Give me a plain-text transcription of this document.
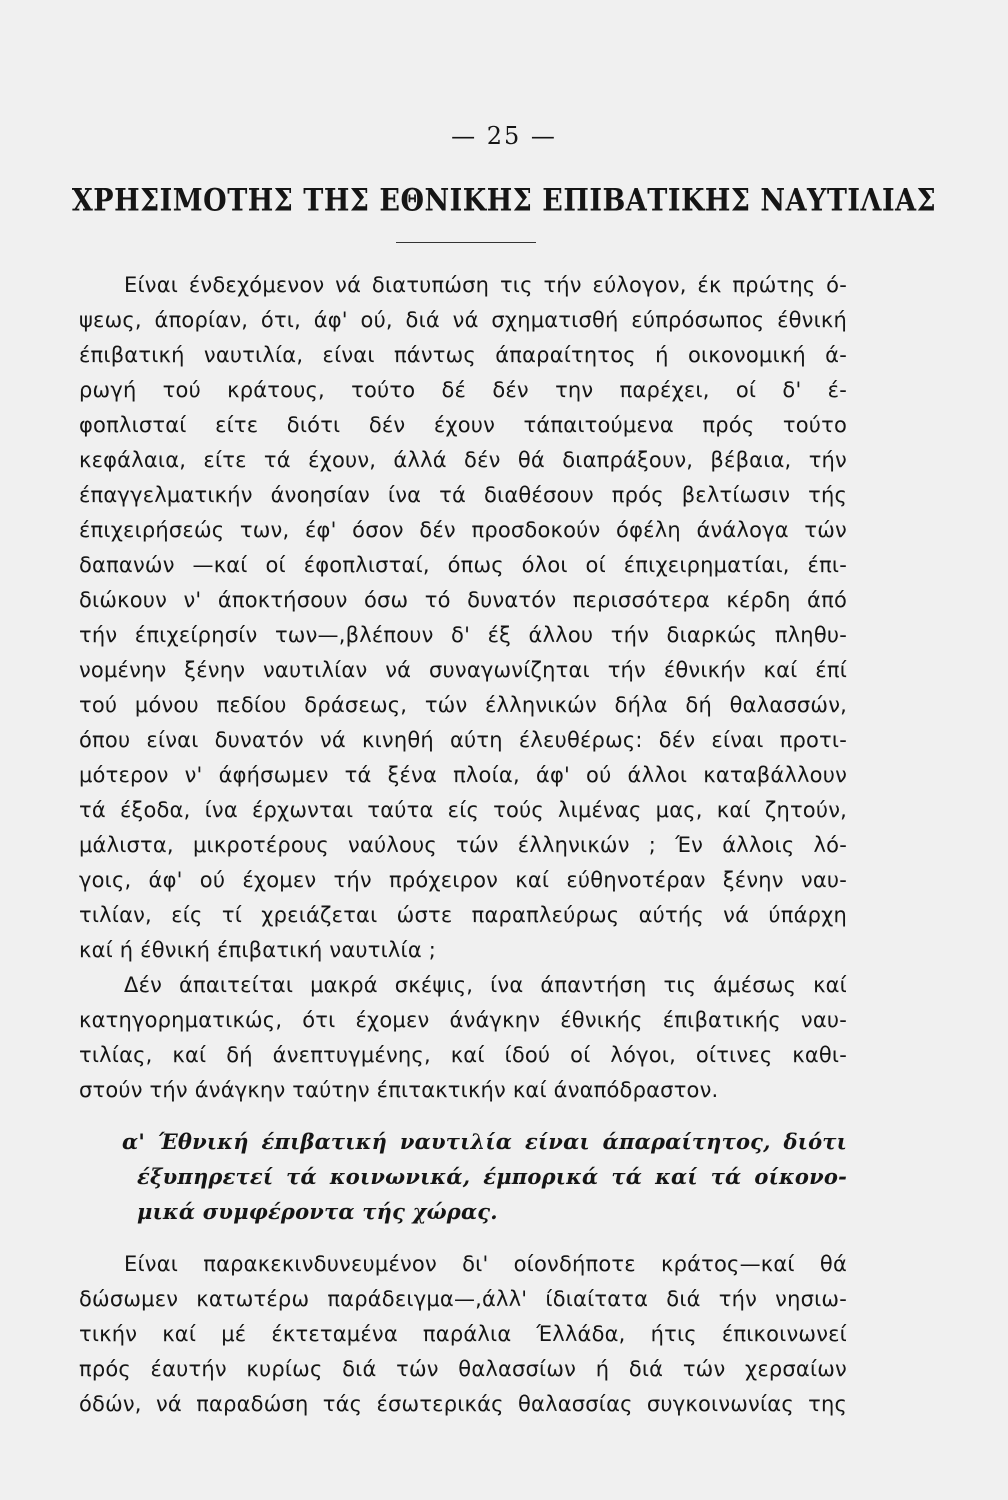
— 25 —
ΧΡΗΣΙΜΟΤΗΣ ΤΗΣ ΕΘΝΙΚΗΣ ΕΠΙΒΑΤΙΚΗΣ ΝΑΥΤΙΛΙΑΣ
Είναι ένδεχόμενον νά διατυπώση τις τήν εύλογον, έκ πρώτης ό-
ψεως, άπορίαν, ότι, άφ' ού, διά νά σχηματισθή εύπρόσωπος έθνική
έπιβατική ναυτιλία, είναι πάντως άπαραίτητος ή οικονομική ά-
ρωγή τού κράτους, τούτο δέ δέν την παρέχει, οί δ' έ-
φοπλισταί είτε διότι δέν έχουν τάπαιτούμενα πρός τούτο
κεφάλαια, είτε τά έχουν, άλλά δέν θά διαπράξουν, βέβαια, τήν
έπαγγελματικήν άνοησίαν ίνα τά διαθέσουν πρός βελτίωσιν τής
έπιχειρήσεώς των, έφ' όσον δέν προσδοκούν όφέλη άνάλογα τών
δαπανών —καί οί έφοπλισταί, όπως όλοι οί έπιχειρηματίαι, έπι-
διώκουν ν' άποκτήσουν όσω τό δυνατόν περισσότερα κέρδη άπό
τήν έπιχείρησίν των—,βλέπουν δ' έξ άλλου τήν διαρκώς πληθυ-
νομένην ξένην ναυτιλίαν νά συναγωνίζηται τήν έθνικήν καί έπί
τού μόνου πεδίου δράσεως, τών έλληνικών δήλα δή θαλασσών,
όπου είναι δυνατόν νά κινηθή αύτη έλευθέρως: δέν είναι προτι-
μότερον ν' άφήσωμεν τά ξένα πλοία, άφ' ού άλλοι καταβάλλουν
τά έξοδα, ίνα έρχωνται ταύτα είς τούς λιμένας μας, καί ζητούν,
μάλιστα, μικροτέρους ναύλους τών έλληνικών ; Έν άλλοις λό-
γοις, άφ' ού έχομεν τήν πρόχειρον καί εύθηνοτέραν ξένην ναυ-
τιλίαν, είς τί χρειάζεται ώστε παραπλεύρως αύτής νά ύπάρχη
καί ή έθνική έπιβατική ναυτιλία ;
Δέν άπαιτείται μακρά σκέψις, ίνα άπαντήση τις άμέσως καί
κατηγορηματικώς, ότι έχομεν άνάγκην έθνικής έπιβατικής ναυ-
τιλίας, καί δή άνεπτυγμένης, καί ίδού οί λόγοι, οίτινες καθι-
στούν τήν άνάγκην ταύτην έπιτακτικήν καί άναπόδραστον.
α' Έθνική έπιβατική ναυτιλία είναι άπαραίτητος, διότι
έξυπηρετεί τά κοινωνικά, έμπορικά τά καί τά οίκονο-
μικά συμφέροντα τής χώρας.
Είναι παρακεκινδυνευμένον δι' οίονδήποτε κράτος—καί θά
δώσωμεν κατωτέρω παράδειγμα—,άλλ' ίδιαίτατα διά τήν νησιω-
τικήν καί μέ έκτεταμένα παράλια Έλλάδα, ήτις έπικοινωνεί
πρός έαυτήν κυρίως διά τών θαλασσίων ή διά τών χερσαίων
όδών, νά παραδώση τάς έσωτερικάς θαλασσίας συγκοινωνίας της
